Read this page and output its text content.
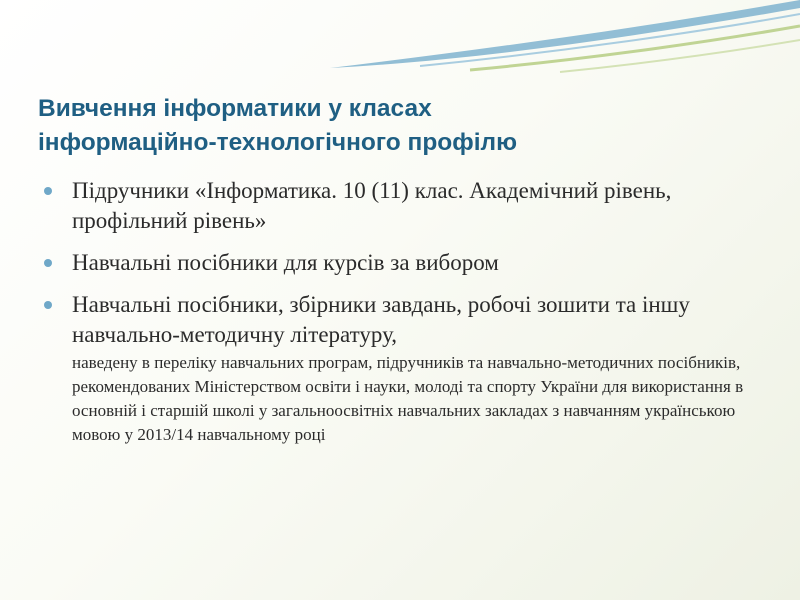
Вивчення інформатики у класах
інформаційно-технологічного профілю
Підручники «Інформатика. 10 (11) клас. Академічний рівень, профільний рівень»
Навчальні посібники для курсів за вибором
Навчальні посібники, збірники завдань, робочі зошити та іншу навчально-методичну літературу,
наведену в переліку навчальних програм, підручників та навчально-методичних посібників, рекомендованих Міністерством освіти і науки, молоді та спорту України для використання в основній і старшій школі у загальноосвітніх навчальних закладах з навчанням українською мовою у 2013/14 навчальному році
